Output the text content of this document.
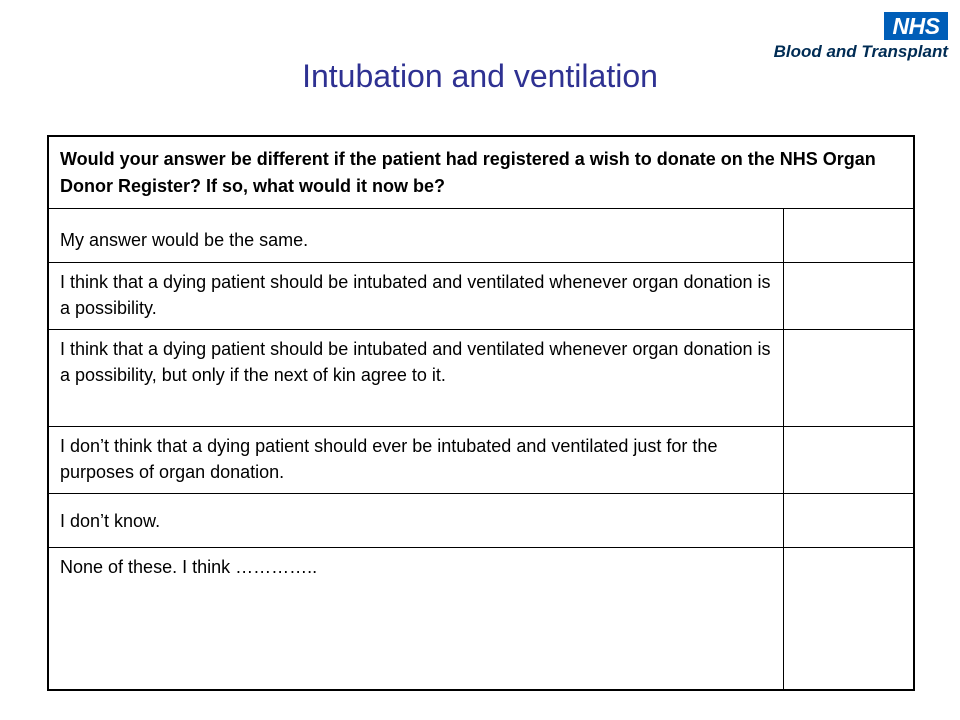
NHS
Blood and Transplant
Intubation and ventilation
Would your answer be different if the patient had registered a wish to donate on the NHS Organ Donor Register? If so, what would it now be?	
My answer would be the same.	
I think that a dying patient should be intubated and ventilated whenever organ donation is a possibility.	
I think that a dying patient should be intubated and ventilated whenever organ donation is a possibility, but only if the next of kin agree to it.	
I don’t think that a dying patient should ever be intubated and ventilated just for the purposes of organ donation.	
I don’t know.	
None of these. I think …………..	
